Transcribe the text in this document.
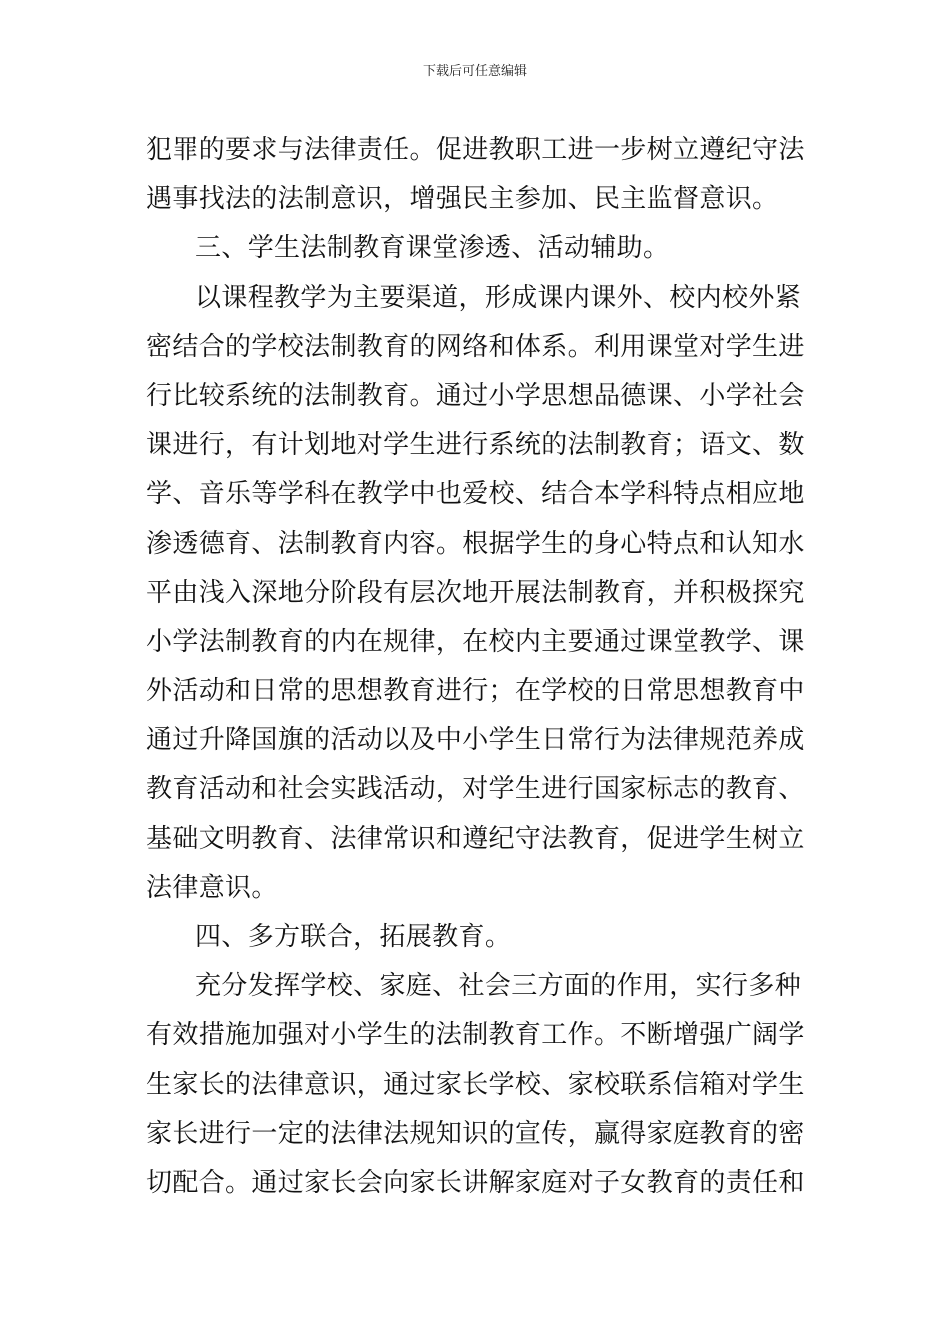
下载后可任意编辑
犯罪的要求与法律责任。促进教职工进一步树立遵纪守法
遇事找法的法制意识，增强民主参加、民主监督意识。
三、学生法制教育课堂渗透、活动辅助。
以课程教学为主要渠道，形成课内课外、校内校外紧
密结合的学校法制教育的网络和体系。利用课堂对学生进
行比较系统的法制教育。通过小学思想品德课、小学社会
课进行，有计划地对学生进行系统的法制教育；语文、数
学、音乐等学科在教学中也爱校、结合本学科特点相应地
渗透德育、法制教育内容。根据学生的身心特点和认知水
平由浅入深地分阶段有层次地开展法制教育，并积极探究
小学法制教育的内在规律，在校内主要通过课堂教学、课
外活动和日常的思想教育进行；在学校的日常思想教育中
通过升降国旗的活动以及中小学生日常行为法律规范养成
教育活动和社会实践活动，对学生进行国家标志的教育、
基础文明教育、法律常识和遵纪守法教育，促进学生树立
法律意识。
四、多方联合，拓展教育。
充分发挥学校、家庭、社会三方面的作用，实行多种
有效措施加强对小学生的法制教育工作。不断增强广阔学
生家长的法律意识，通过家长学校、家校联系信箱对学生
家长进行一定的法律法规知识的宣传，赢得家庭教育的密
切配合。通过家长会向家长讲解家庭对子女教育的责任和
